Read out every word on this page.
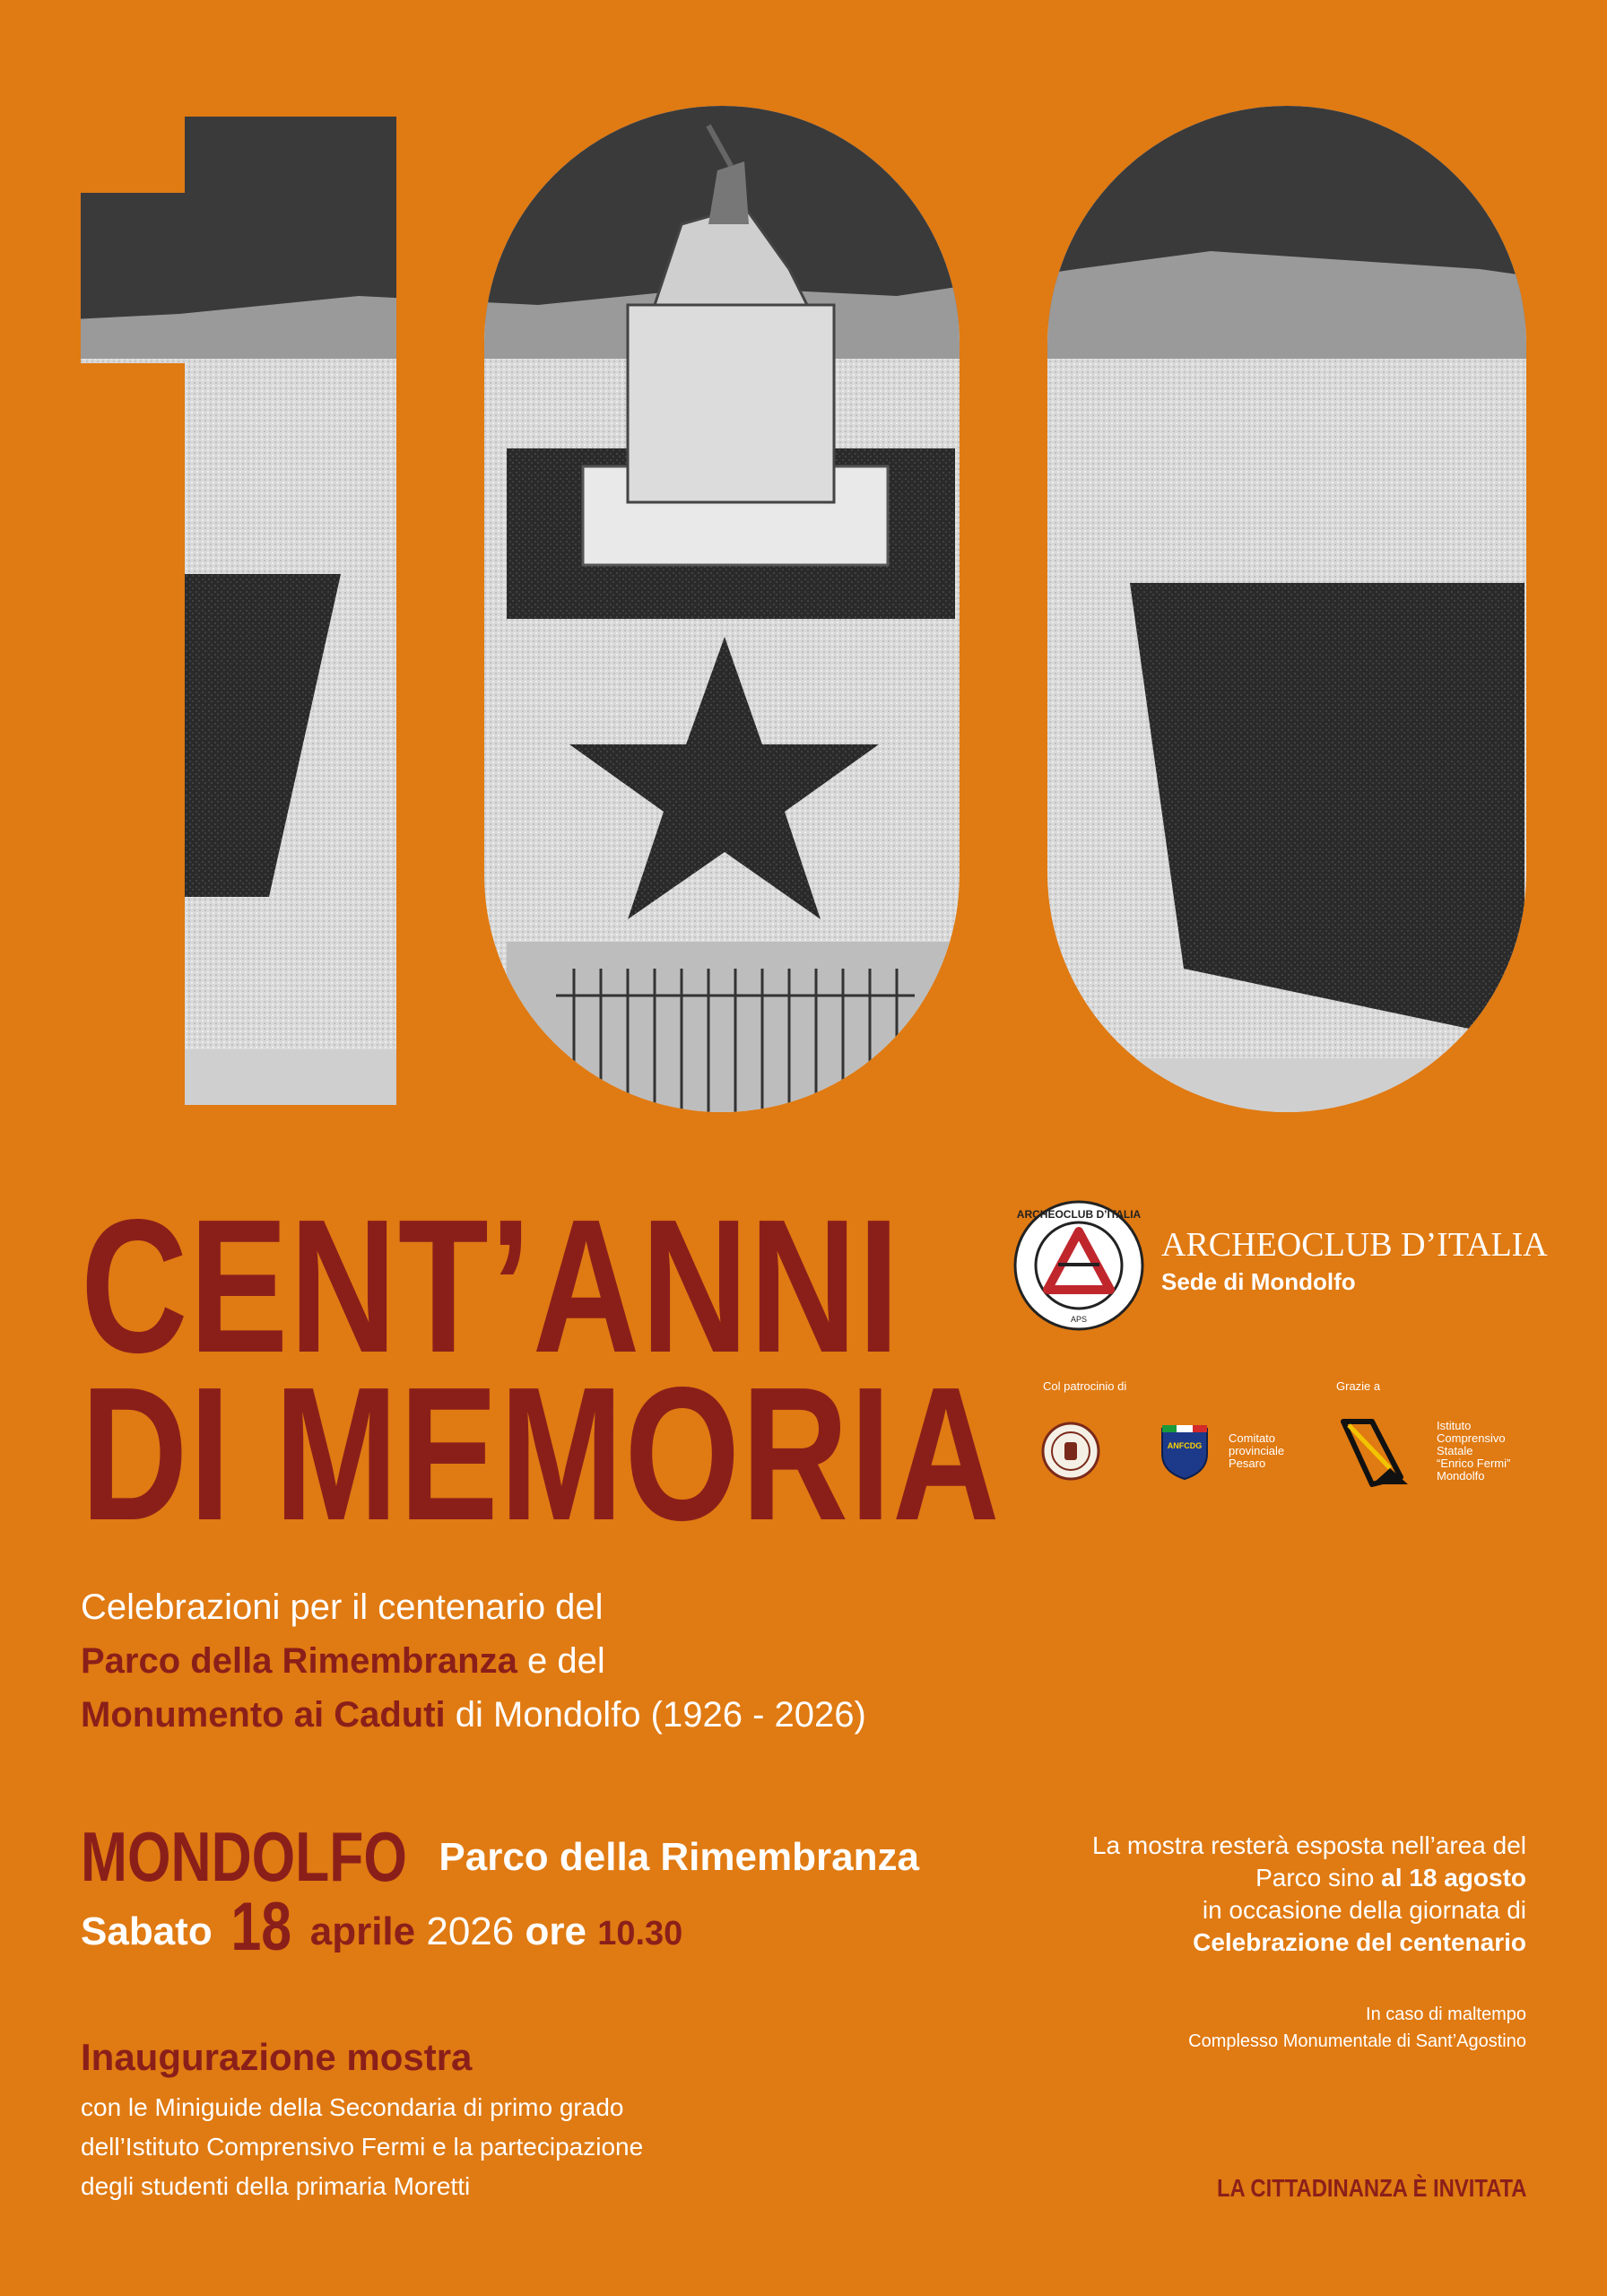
CENT’ANNI
DI MEMORIA
Celebrazioni per il centenario del
Parco della Rimembranza e del
Monumento ai Caduti di Mondolfo (1926 - 2026)
MONDOLFO Parco della Rimembranza
Sabato 18 aprile 2026 ore 10.30
Inaugurazione mostra
con le Miniguide della Secondaria di primo grado
dell’Istituto Comprensivo Fermi e la partecipazione
degli studenti della primaria Moretti
ARCHEOCLUB D’ITALIA
APS
ARCHEOCLUB D’ITALIA
Sede di Mondolfo
Col patrocinio di	Grazie a
ANFCDG
Comitato
provinciale
Pesaro
Istituto
Comprensivo
Statale
“Enrico Fermi”
Mondolfo
La mostra resterà esposta nell’area del
Parco sino al 18 agosto
in occasione della giornata di
Celebrazione del centenario
In caso di maltempo
Complesso Monumentale di Sant’Agostino
LA CITTADINANZA È INVITATA
